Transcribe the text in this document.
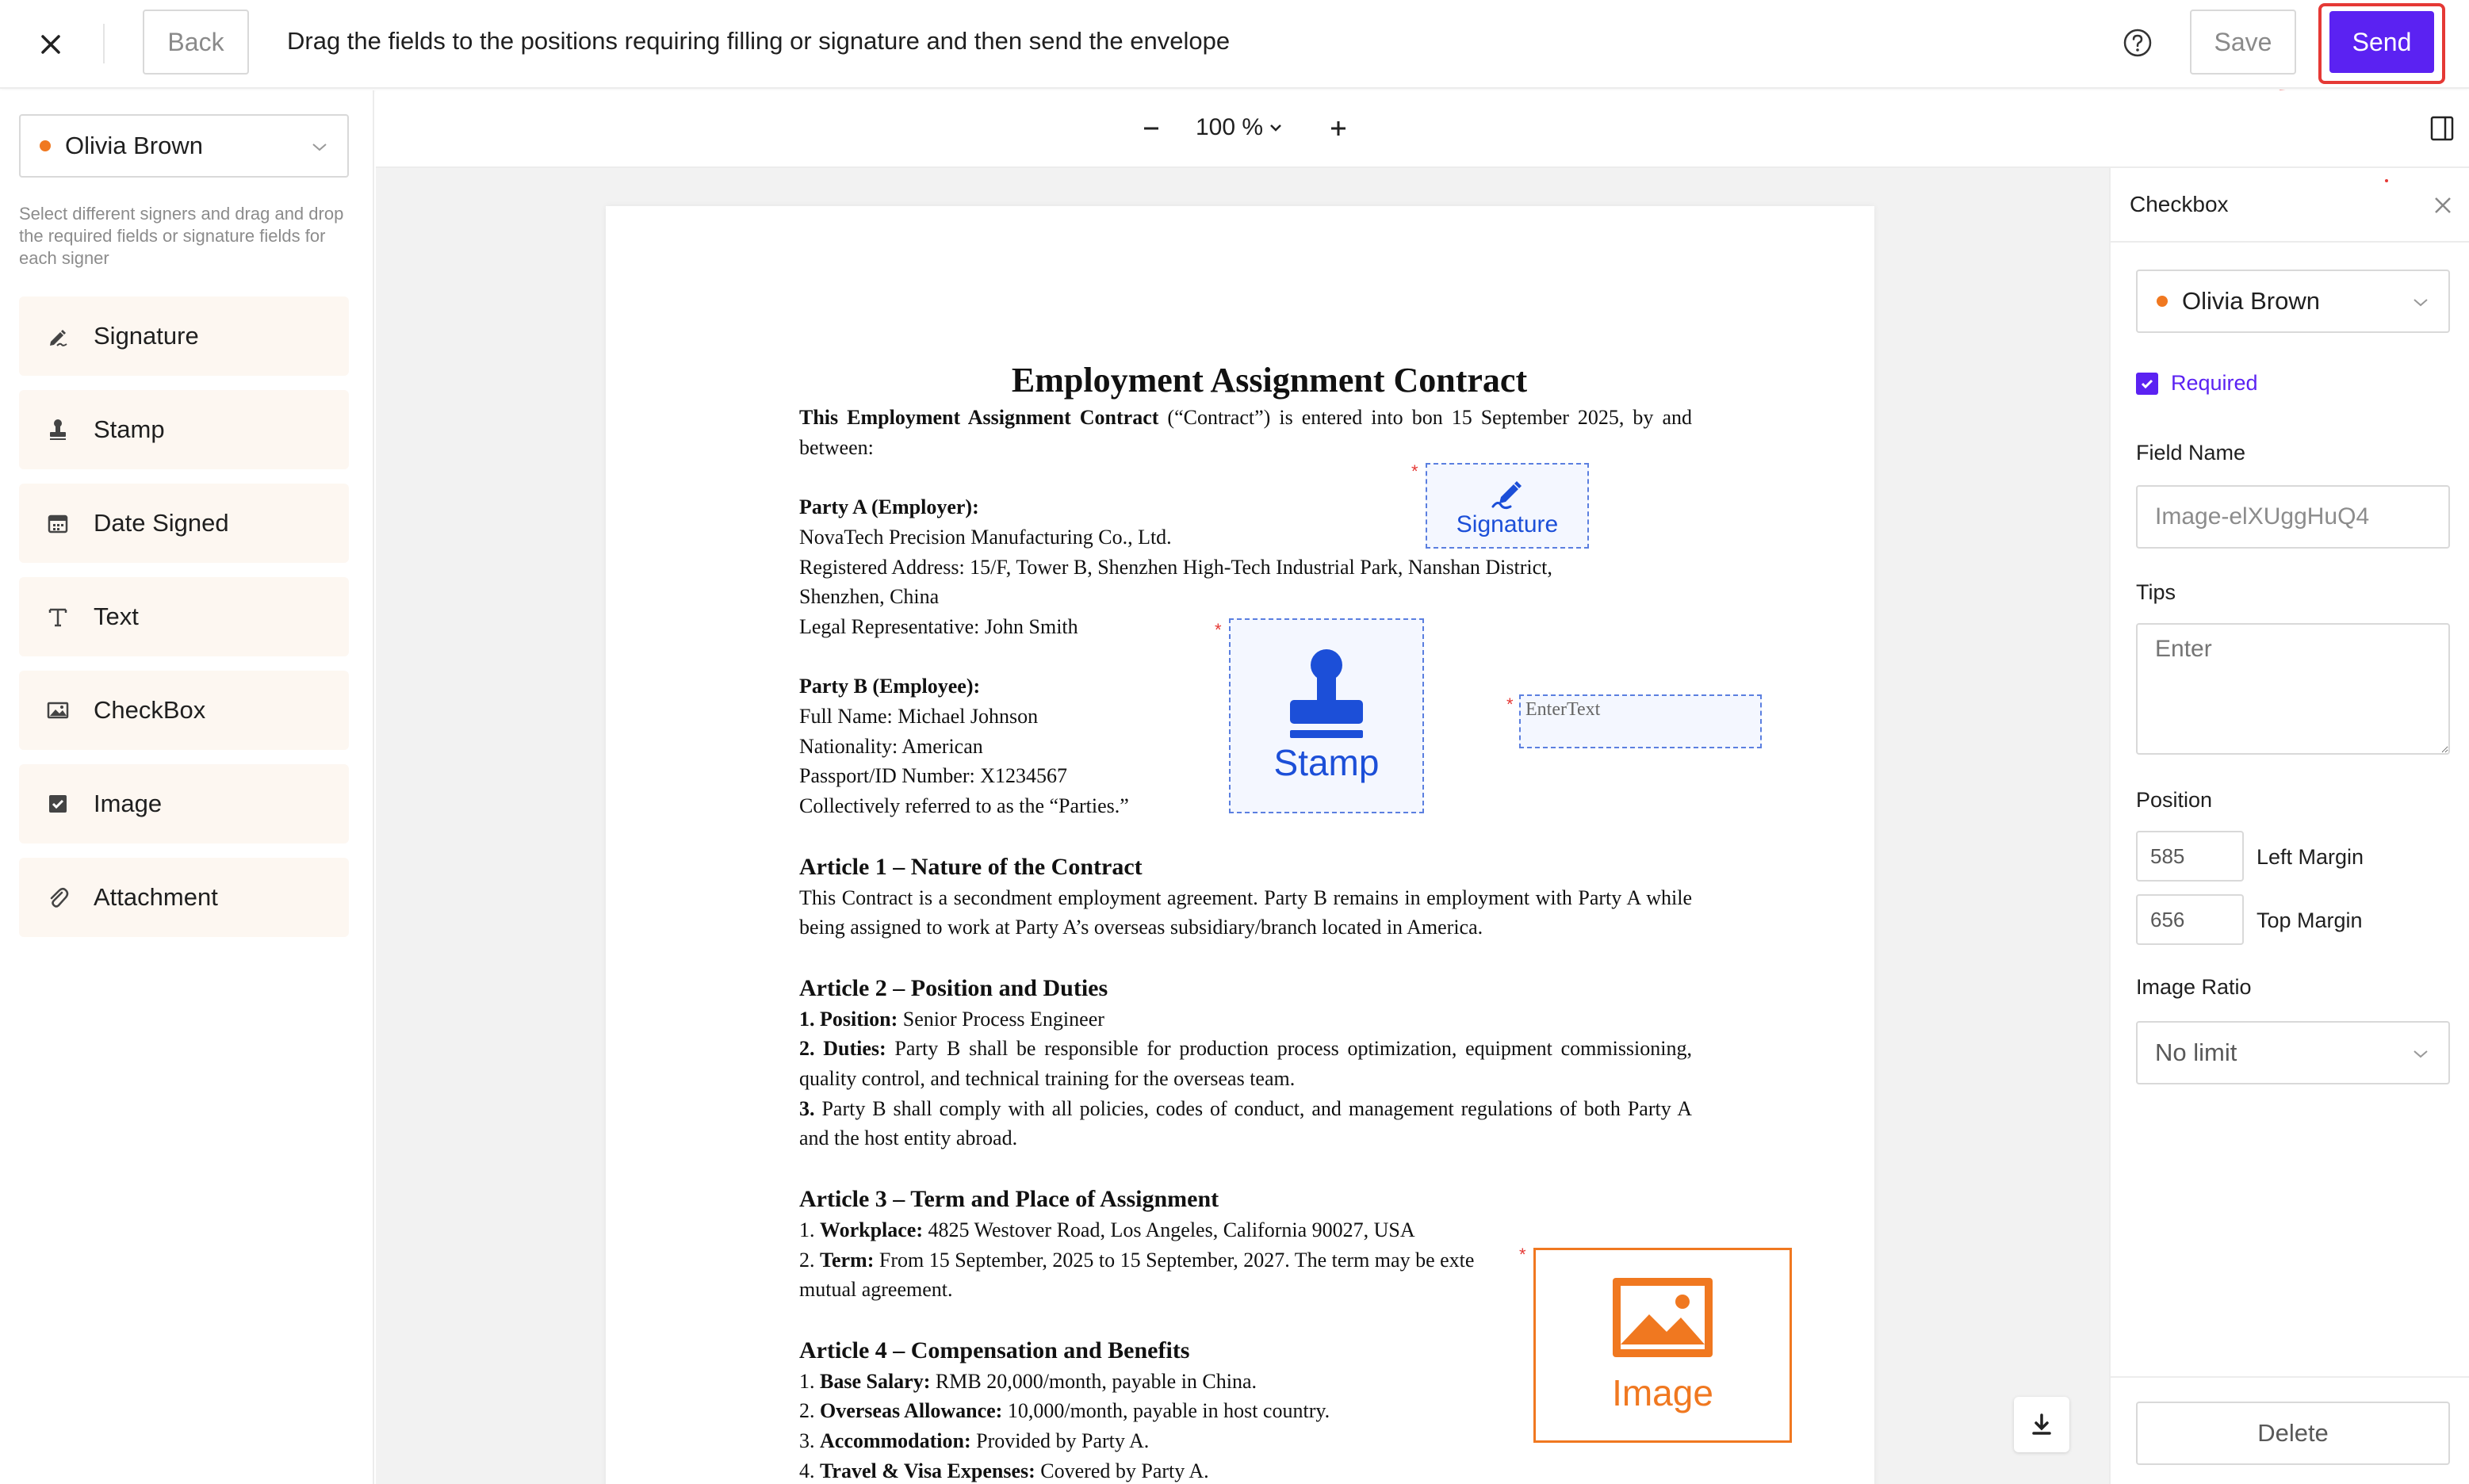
Back	Drag the fields to the positions requiring filling or signature and then send the envelope	Save	Send
Olivia Brown
Select different signers and drag and drop the required fields or signature fields for each signer
Signature
Stamp
Date Signed
Text
CheckBox
Image
Attachment
100 %

Employment Assignment Contract

This Employment Assignment Contract (“Contract”) is entered into bon 15 September 2025, by and between:

Party A (Employer):

NovaTech Precision Manufacturing Co., Ltd.

Registered Address: 15/F, Tower B, Shenzhen High-Tech Industrial Park, Nanshan District, Shenzhen, China

Legal Representative: John Smith

Party B (Employee):

Full Name: Michael Johnson

Nationality: American

Passport/ID Number: X1234567

Collectively referred to as the “Parties.”

Article 1 – Nature of the Contract

This Contract is a secondment employment agreement. Party B remains in employment with Party A while being assigned to work at Party A’s overseas subsidiary/branch located in America.

Article 2 – Position and Duties

1. Position: Senior Process Engineer

2. Duties: Party B shall be responsible for production process optimization, equipment commissioning, quality control, and technical training for the overseas team.

3. Party B shall comply with all policies, codes of conduct, and management regulations of both Party A and the host entity abroad.

Article 3 – Term and Place of Assignment

1. Workplace: 4825 Westover Road, Los Angeles, California 90027, USA

2. Term: From 15 September, 2025 to 15 September, 2027. The term may be exte

mutual agreement.

Article 4 – Compensation and Benefits

1. Base Salary: RMB 20,000/month, payable in China.

2. Overseas Allowance: 10,000/month, payable in host country.

3. Accommodation: Provided by Party A.

4. Travel & Visa Expenses: Covered by Party A.

*
Signature
*
Stamp
* EnterText
*
Image
Checkbox
Olivia Brown
Required
Field Name
Image-elXUggHuQ4
Tips
Enter
Position
585
Left Margin
656
Top Margin
Image Ratio
No limit
Delete
